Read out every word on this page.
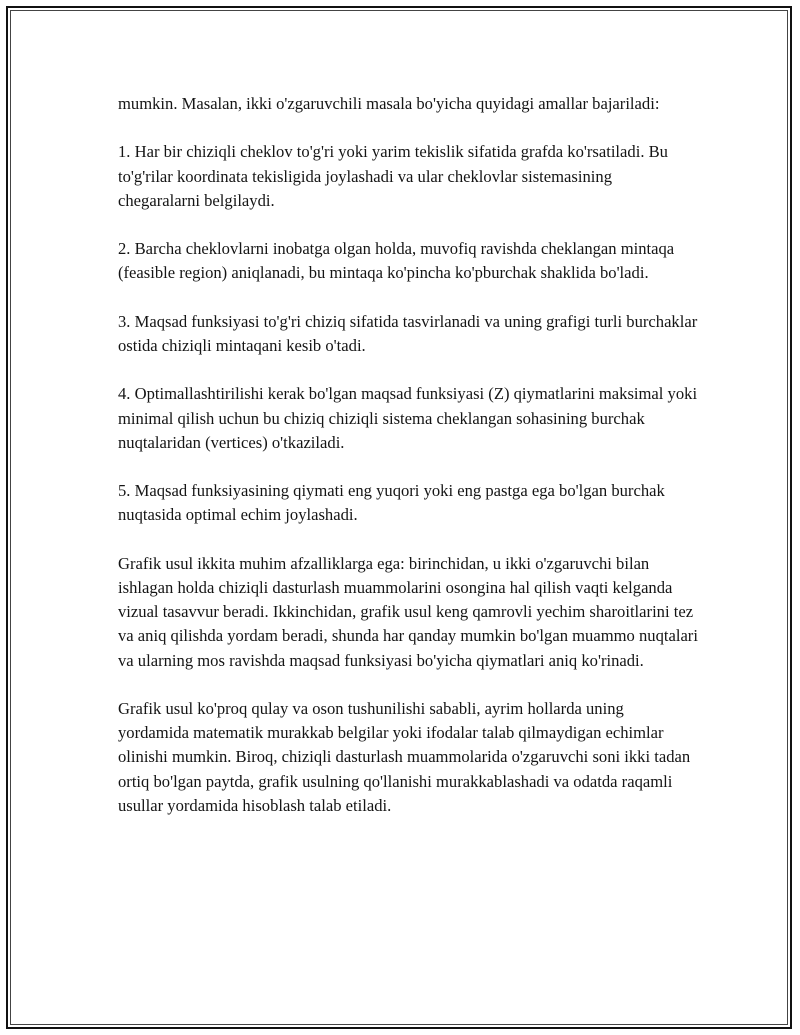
mumkin. Masalan, ikki o'zgaruvchili masala bo'yicha quyidagi amallar bajariladi:

1. Har bir chiziqli cheklov to'g'ri yoki yarim tekislik sifatida grafda ko'rsatiladi. Bu to'g'rilar koordinata tekisligida joylashadi va ular cheklovlar sistemasining chegaralarni belgilaydi.

2. Barcha cheklovlarni inobatga olgan holda, muvofiq ravishda cheklangan mintaqa (feasible region) aniqlanadi, bu mintaqa ko'pincha ko'pburchak shaklida bo'ladi.

3. Maqsad funksiyasi to'g'ri chiziq sifatida tasvirlanadi va uning grafigi turli burchaklar ostida chiziqli mintaqani kesib o'tadi.

4. Optimallashtirilishi kerak bo'lgan maqsad funksiyasi (Z) qiymatlarini maksimal yoki minimal qilish uchun bu chiziq chiziqli sistema cheklangan sohasining burchak nuqtalaridan (vertices) o'tkaziladi.

5. Maqsad funksiyasining qiymati eng yuqori yoki eng pastga ega bo'lgan burchak nuqtasida optimal echim joylashadi.

Grafik usul ikkita muhim afzalliklarga ega: birinchidan, u ikki o'zgaruvchi bilan ishlagan holda chiziqli dasturlash muammolarini osongina hal qilish vaqti kelganda vizual tasavvur beradi. Ikkinchidan, grafik usul keng qamrovli yechim sharoitlarini tez va aniq qilishda yordam beradi, shunda har qanday mumkin bo'lgan muammo nuqtalari va ularning mos ravishda maqsad funksiyasi bo'yicha qiymatlari aniq ko'rinadi.

Grafik usul ko'proq qulay va oson tushunilishi sababli, ayrim hollarda uning yordamida matematik murakkab belgilar yoki ifodalar talab qilmaydigan echimlar olinishi mumkin. Biroq, chiziqli dasturlash muammolarida o'zgaruvchi soni ikki tadan ortiq bo'lgan paytda, grafik usulning qo'llanishi murakkablashadi va odatda raqamli usullar yordamida hisoblash talab etiladi.
